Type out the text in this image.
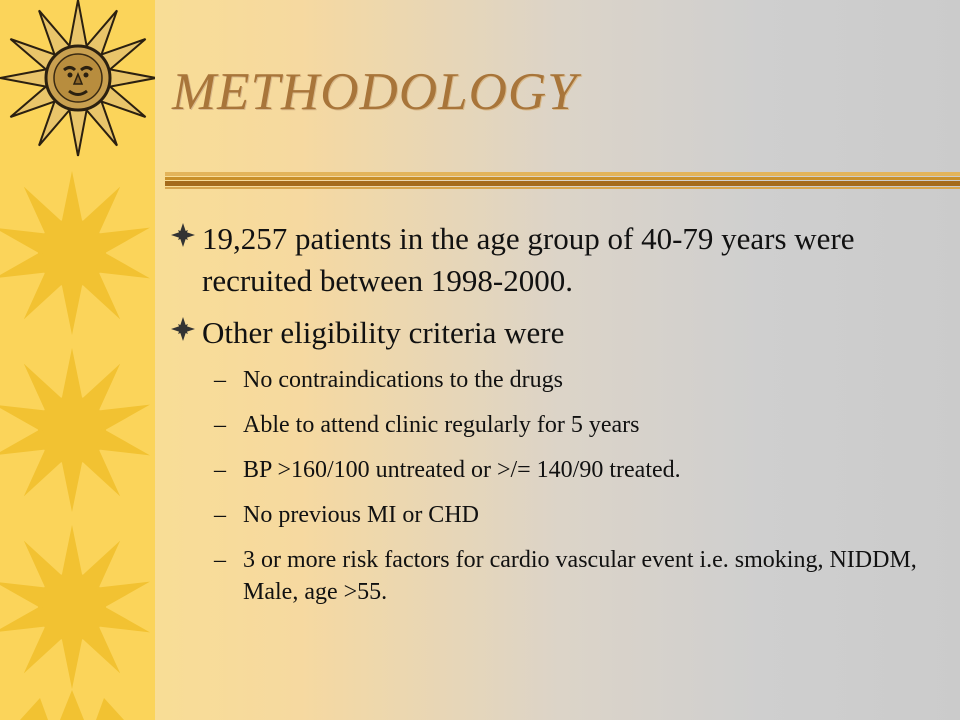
METHODOLOGY
19,257 patients in the age group of 40-79 years were recruited between 1998-2000.
Other eligibility criteria were
– No contraindications to the drugs
– Able to attend clinic regularly for 5 years
– BP >160/100 untreated or >/= 140/90 treated.
– No previous MI or CHD
– 3 or more risk factors for cardio vascular event i.e. smoking, NIDDM, Male, age >55.
